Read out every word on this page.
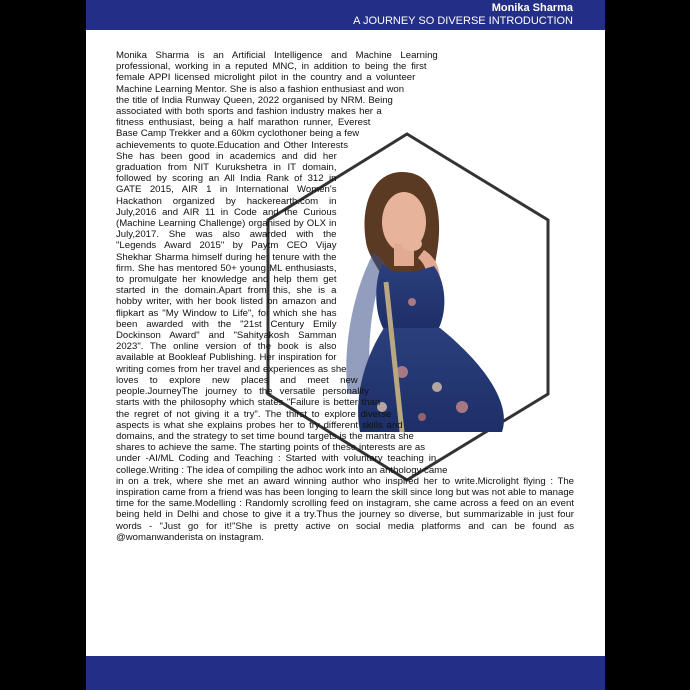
Monika Sharma
A JOURNEY SO DIVERSE INTRODUCTION

Monika Sharma is an Artificial Intelligence and Machine Learning professional, working in a reputed MNC, in addition to being the first female APPI licensed microlight pilot in the country and a volunteer Machine Learning Mentor. She is also a fashion enthusiast and won the title of India Runway Queen, 2022 organised by NRM. Being associated with both sports and fashion industry makes her a fitness enthusiast, being a half marathon runner, Everest Base Camp Trekker and a 60km cyclothoner being a few achievements to quote.Education and Other Interests She has been good in academics and did her graduation from NIT Kurukshetra in IT domain, followed by scoring an All India Rank of 312 in GATE 2015, AIR 1 in International Women's Hackathon organized by hackerearth.com in July,2016 and AIR 11 in Code and the Curious (Machine Learning Challenge) organised by OLX in July,2017. She was also awarded with the "Legends Award 2015" by Paytm CEO Vijay Shekhar Sharma himself during her tenure with the firm. She has mentored 50+ young ML enthusiasts, to promulgate her knowledge and help them get started in the domain.Apart from this, she is a hobby writer, with her book listed on amazon and flipkart as "My Window to Life", for which she has been awarded with the "21st Century Emily Dockinson Award" and "Sahityakosh Samman 2023". The online version of the book is also available at Bookleaf Publishing. Her inspiration for writing comes from her travel and experiences as she loves to explore new places and meet new people.JourneyThe journey to the versatile personality starts with the philosophy which states "Failure is better than the regret of not giving it a try". The thirst to explore diverse aspects is what she explains probes her to try different skills and domains, and the strategy to set time bound targets is the mantra she shares to achieve the same. The starting points of these interests are as under -AI/ML Coding and Teaching : Started with voluntary teaching in college.Writing : The idea of compiling the adhoc work into an anthology came in on a trek, where she met an award winning author who inspired her to write.Microlight flying : The inspiration came from a friend was has been longing to learn the skill since long but was not able to manage time for the same.Modelling : Randomly scrolling feed on instagram, she came across a feed on an event being held in Delhi and chose to give it a try.Thus the journey so diverse, but summarizable in just four words - "Just go for it!"She is pretty active on social media platforms and can be found as @womanwanderista on instagram.
